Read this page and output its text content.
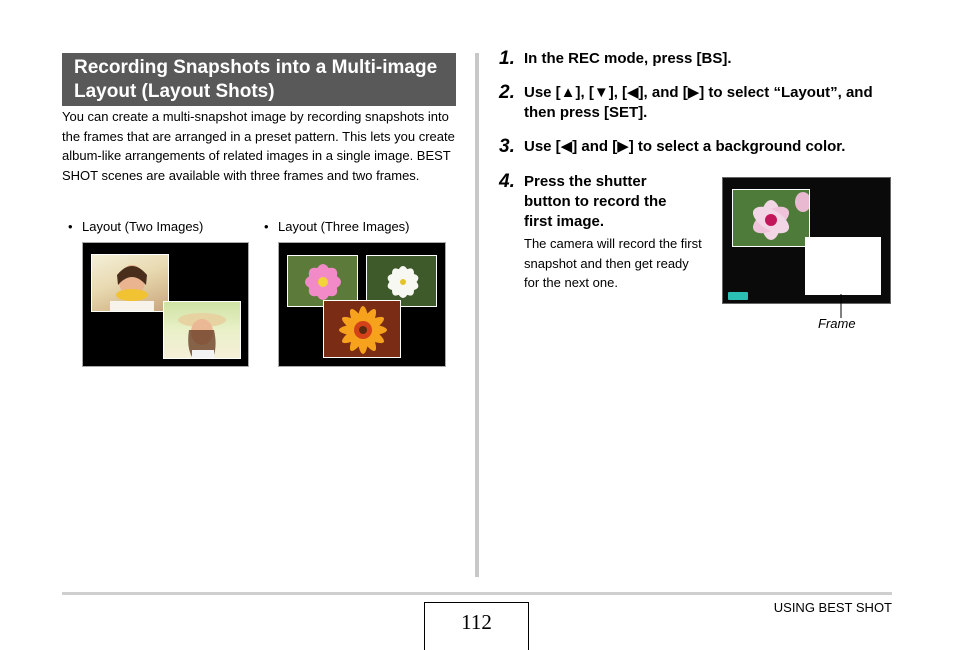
Recording Snapshots into a Multi-image Layout (Layout Shots)

You can create a multi-snapshot image by recording snapshots into the frames that are arranged in a preset pattern. This lets you create album-like arrangements of related images in a single image. BEST SHOT scenes are available with three frames and two frames.

• Layout (Two Images)	• Layout (Three Images)
1. In the REC mode, press [BS].

2. Use [▲], [▼], [◀], and [▶] to select “Layout”, and then press [SET].

3. Use [◀] and [▶] to select a background color.

4. Press the shutter button to record the first image.

The camera will record the first snapshot and then get ready for the next one.

Frame
112
USING BEST SHOT
